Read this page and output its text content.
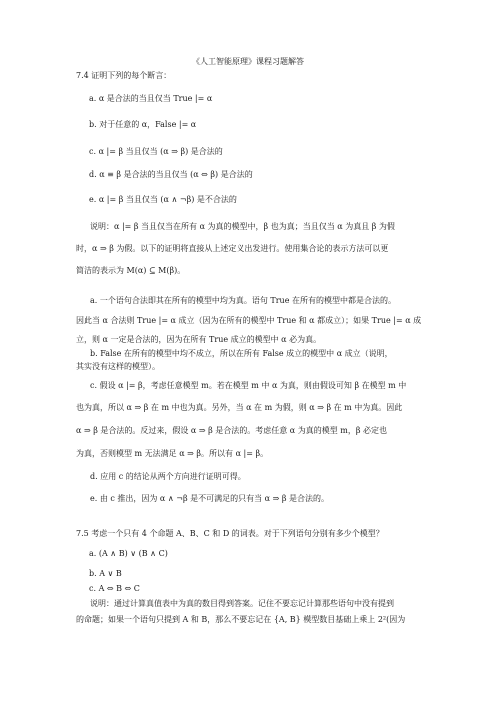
《人工智能原理》课程习题解答
7.4 证明下列的每个断言：
a. α 是合法的当且仅当 True |= α
b. 对于任意的 α，False |= α
c. α |= β 当且仅当 (α ⇒ β) 是合法的
d. α ≡ β 是合法的当且仅当 (α ⇔ β) 是合法的
e. α |= β 当且仅当 (α ∧ ¬β) 是不合法的
说明：α |= β 当且仅当在所有 α 为真的模型中，β 也为真；当且仅当 α 为真且 β 为假
时，α ⇒ β 为假。以下的证明将直接从上述定义出发进行。使用集合论的表示方法可以更
简洁的表示为 M(α) ⊆ M(β)。
a. 一个语句合法即其在所有的模型中均为真。语句 True 在所有的模型中都是合法的。
因此当 α 合法则 True |= α 成立（因为在所有的模型中 True 和 α 都成立）；如果 True |= α 成
立，则 α 一定是合法的，因为在所有 True 成立的模型中 α 必为真。
b. False 在所有的模型中均不成立，所以在所有 False 成立的模型中 α 成立（说明，
其实没有这样的模型）。
c. 假设 α |= β，考虑任意模型 m。若在模型 m 中 α 为真，则由假设可知 β 在模型 m 中
也为真，所以 α ⇒ β 在 m 中也为真。另外，当 α 在 m 为假，则 α ⇒ β 在 m 中为真。因此
α ⇒ β 是合法的。反过来，假设 α ⇒ β 是合法的。考虑任意 α 为真的模型 m，β 必定也
为真，否则模型 m 无法满足 α ⇒ β。所以有 α |= β。
d. 应用 c 的结论从两个方向进行证明可得。
e. 由 c 推出，因为 α ∧ ¬β 是不可满足的只有当 α ⇒ β 是合法的。
7.5 考虑一个只有 4 个命题 A、B、C 和 D 的词表。对于下列语句分别有多少个模型？
a. (A ∧ B) ∨ (B ∧ C)
b. A ∨ B
c. A ⇔ B ⇔ C
说明：通过计算真值表中为真的数目得到答案。记住不要忘记计算那些语句中没有提到
的命题；如果一个语句只提到 A 和 B，那么不要忘记在 {A, B} 模型数目基础上乘上 2²(因为
